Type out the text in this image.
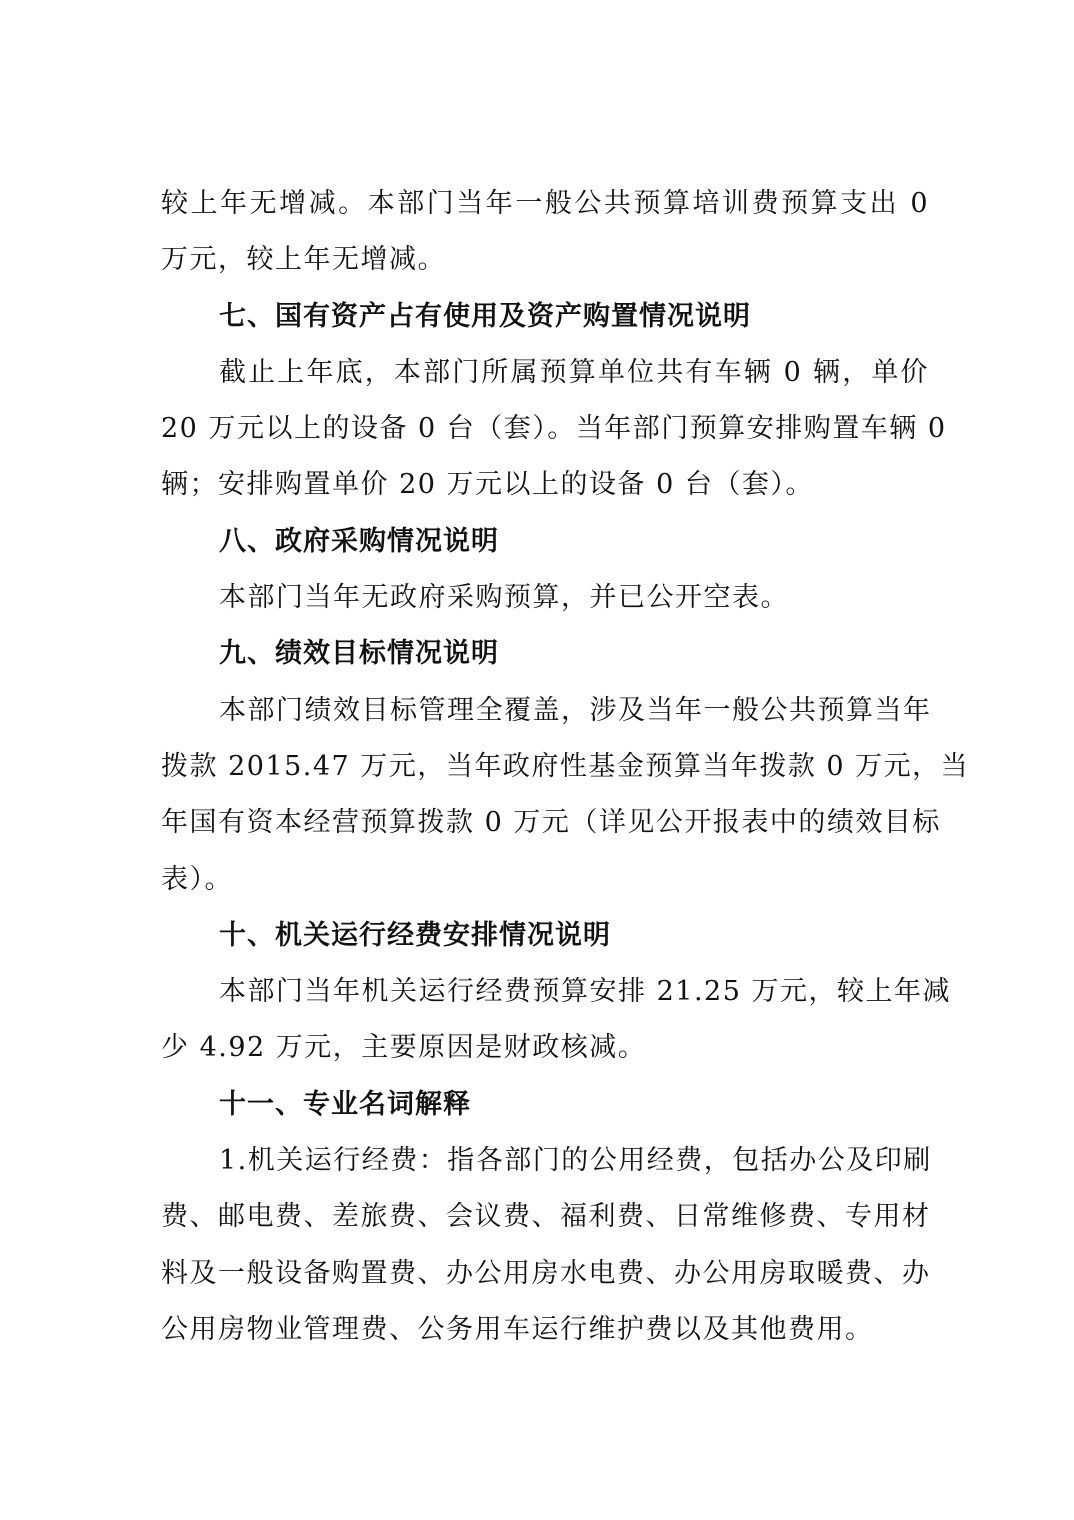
较上年无增减。本部门当年一般公共预算培训费预算支出 0
万元，较上年无增减。
七、国有资产占有使用及资产购置情况说明
截止上年底，本部门所属预算单位共有车辆 0 辆，单价
20 万元以上的设备 0 台（套）。当年部门预算安排购置车辆 0
辆；安排购置单价 20 万元以上的设备 0 台（套）。
八、政府采购情况说明
本部门当年无政府采购预算，并已公开空表。
九、绩效目标情况说明
本部门绩效目标管理全覆盖，涉及当年一般公共预算当年
拨款 2015.47 万元，当年政府性基金预算当年拨款 0 万元，当
年国有资本经营预算拨款 0 万元（详见公开报表中的绩效目标
表）。
十、机关运行经费安排情况说明
本部门当年机关运行经费预算安排 21.25 万元，较上年减
少 4.92 万元，主要原因是财政核减。
十一、专业名词解释
1.机关运行经费：指各部门的公用经费，包括办公及印刷
费、邮电费、差旅费、会议费、福利费、日常维修费、专用材
料及一般设备购置费、办公用房水电费、办公用房取暖费、办
公用房物业管理费、公务用车运行维护费以及其他费用。
